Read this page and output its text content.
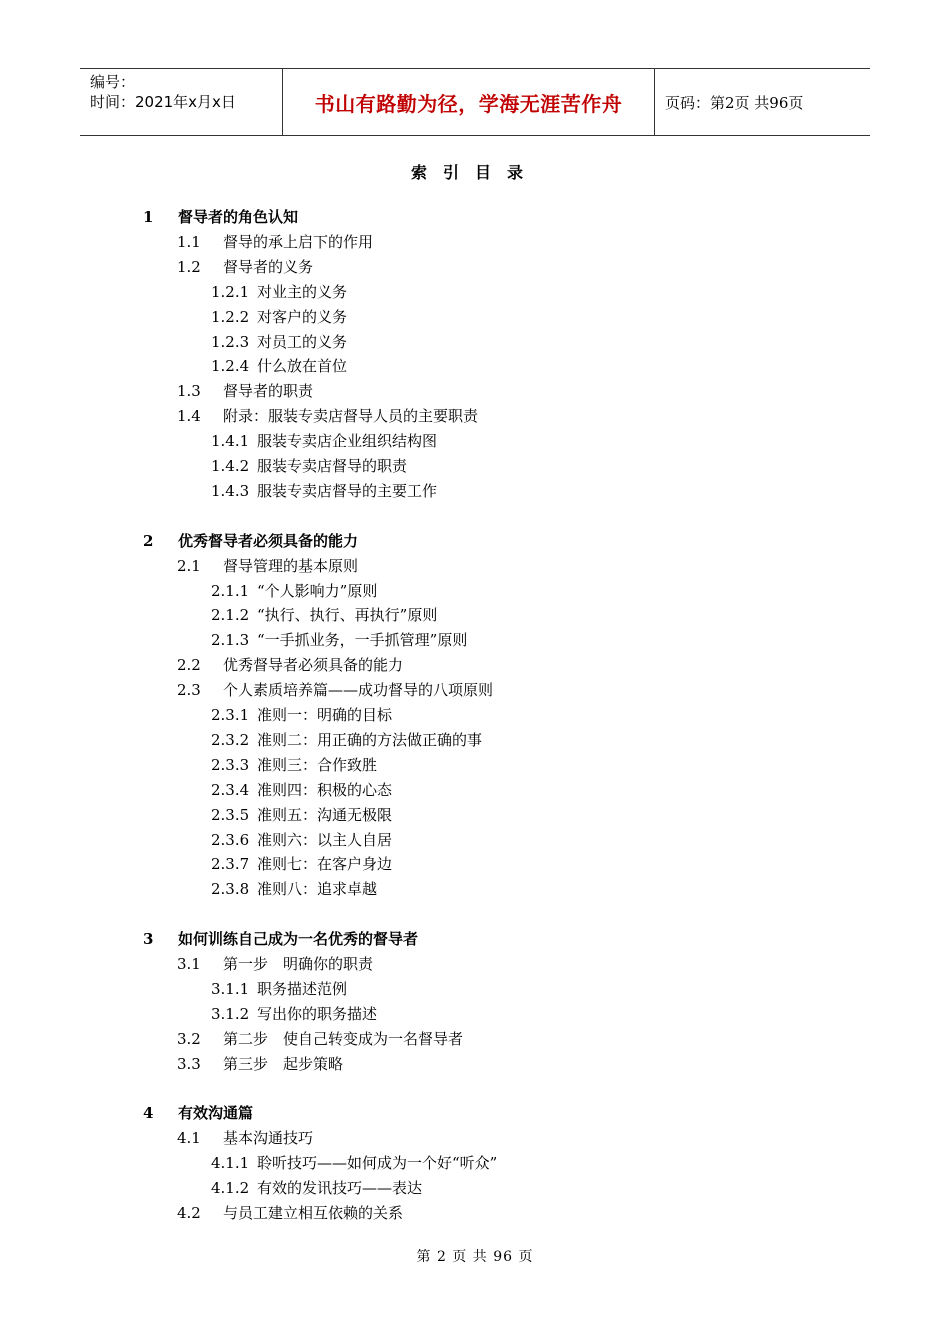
编号：
时间：2021年x月x日	书山有路勤为径，学海无涯苦作舟	页码：第2页 共96页
索引目录
1 督导者的角色认知
1.1 督导的承上启下的作用
1.2 督导者的义务
1.2.1 对业主的义务
1.2.2 对客户的义务
1.2.3 对员工的义务
1.2.4 什么放在首位
1.3 督导者的职责
1.4 附录：服装专卖店督导人员的主要职责
1.4.1 服装专卖店企业组织结构图
1.4.2 服装专卖店督导的职责
1.4.3 服装专卖店督导的主要工作
2 优秀督导者必须具备的能力
2.1 督导管理的基本原则
2.1.1 “个人影响力”原则
2.1.2 “执行、执行、再执行”原则
2.1.3 “一手抓业务，一手抓管理”原则
2.2 优秀督导者必须具备的能力
2.3 个人素质培养篇——成功督导的八项原则
2.3.1 准则一：明确的目标
2.3.2 准则二：用正确的方法做正确的事
2.3.3 准则三：合作致胜
2.3.4 准则四：积极的心态
2.3.5 准则五：沟通无极限
2.3.6 准则六：以主人自居
2.3.7 准则七：在客户身边
2.3.8 准则八：追求卓越
3 如何训练自己成为一名优秀的督导者
3.1 第一步　明确你的职责
3.1.1 职务描述范例
3.1.2 写出你的职务描述
3.2 第二步　使自己转变成为一名督导者
3.3 第三步　起步策略
4 有效沟通篇
4.1 基本沟通技巧
4.1.1 聆听技巧——如何成为一个好“听众”
4.1.2 有效的发讯技巧——表达
4.2 与员工建立相互依赖的关系
第 2 页 共 96 页
